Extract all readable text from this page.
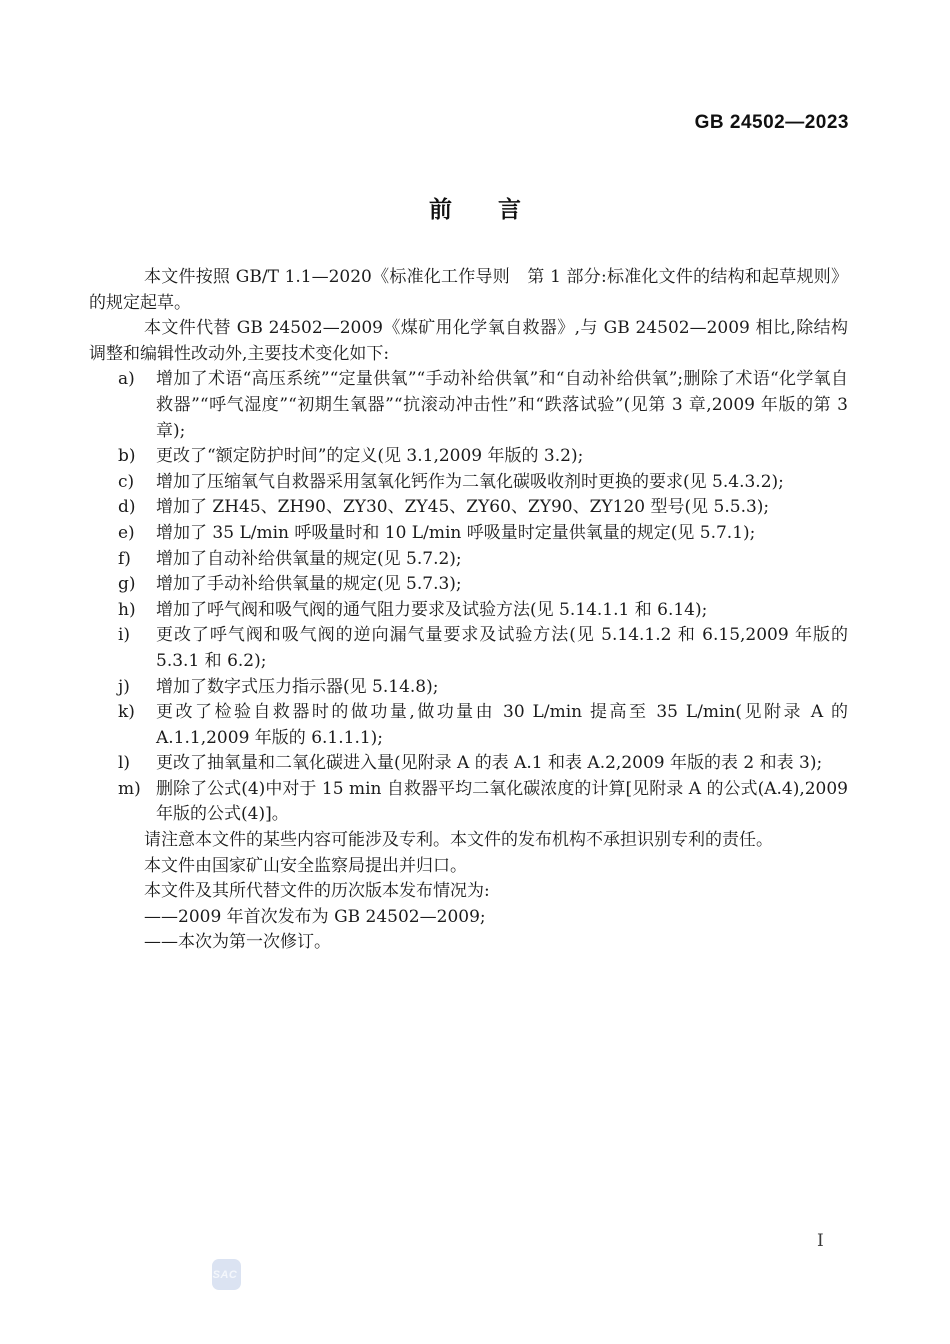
GB 24502—2023
前　　言

本文件按照 GB/T 1.1—2020《标准化工作导则　第 1 部分:标准化文件的结构和起草规则》的规定起草。

本文件代替 GB 24502—2009《煤矿用化学氧自救器》,与 GB 24502—2009 相比,除结构调整和编辑性改动外,主要技术变化如下:

a) 增加了术语“高压系统”“定量供氧”“手动补给供氧”和“自动补给供氧”;删除了术语“化学氧自救器”“呼气湿度”“初期生氧器”“抗滚动冲击性”和“跌落试验”(见第 3 章,2009 年版的第 3 章);
b) 更改了“额定防护时间”的定义(见 3.1,2009 年版的 3.2);
c) 增加了压缩氧气自救器采用氢氧化钙作为二氧化碳吸收剂时更换的要求(见 5.4.3.2);
d) 增加了 ZH45、ZH90、ZY30、ZY45、ZY60、ZY90、ZY120 型号(见 5.5.3);
e) 增加了 35 L/min 呼吸量时和 10 L/min 呼吸量时定量供氧量的规定(见 5.7.1);
f) 增加了自动补给供氧量的规定(见 5.7.2);
g) 增加了手动补给供氧量的规定(见 5.7.3);
h) 增加了呼气阀和吸气阀的通气阻力要求及试验方法(见 5.14.1.1 和 6.14);
i) 更改了呼气阀和吸气阀的逆向漏气量要求及试验方法(见 5.14.1.2 和 6.15,2009 年版的 5.3.1 和 6.2);
j) 增加了数字式压力指示器(见 5.14.8);
k) 更改了检验自救器时的做功量,做功量由 30 L/min 提高至 35 L/min(见附录 A 的 A.1.1,2009 年版的 6.1.1.1);
l) 更改了抽氧量和二氧化碳进入量(见附录 A 的表 A.1 和表 A.2,2009 年版的表 2 和表 3);
m) 删除了公式(4)中对于 15 min 自救器平均二氧化碳浓度的计算[见附录 A 的公式(A.4),2009 年版的公式(4)]。

请注意本文件的某些内容可能涉及专利。本文件的发布机构不承担识别专利的责任。

本文件由国家矿山安全监察局提出并归口。

本文件及其所代替文件的历次版本发布情况为:

——2009 年首次发布为 GB 24502—2009;

——本次为第一次修订。

SAC
I
